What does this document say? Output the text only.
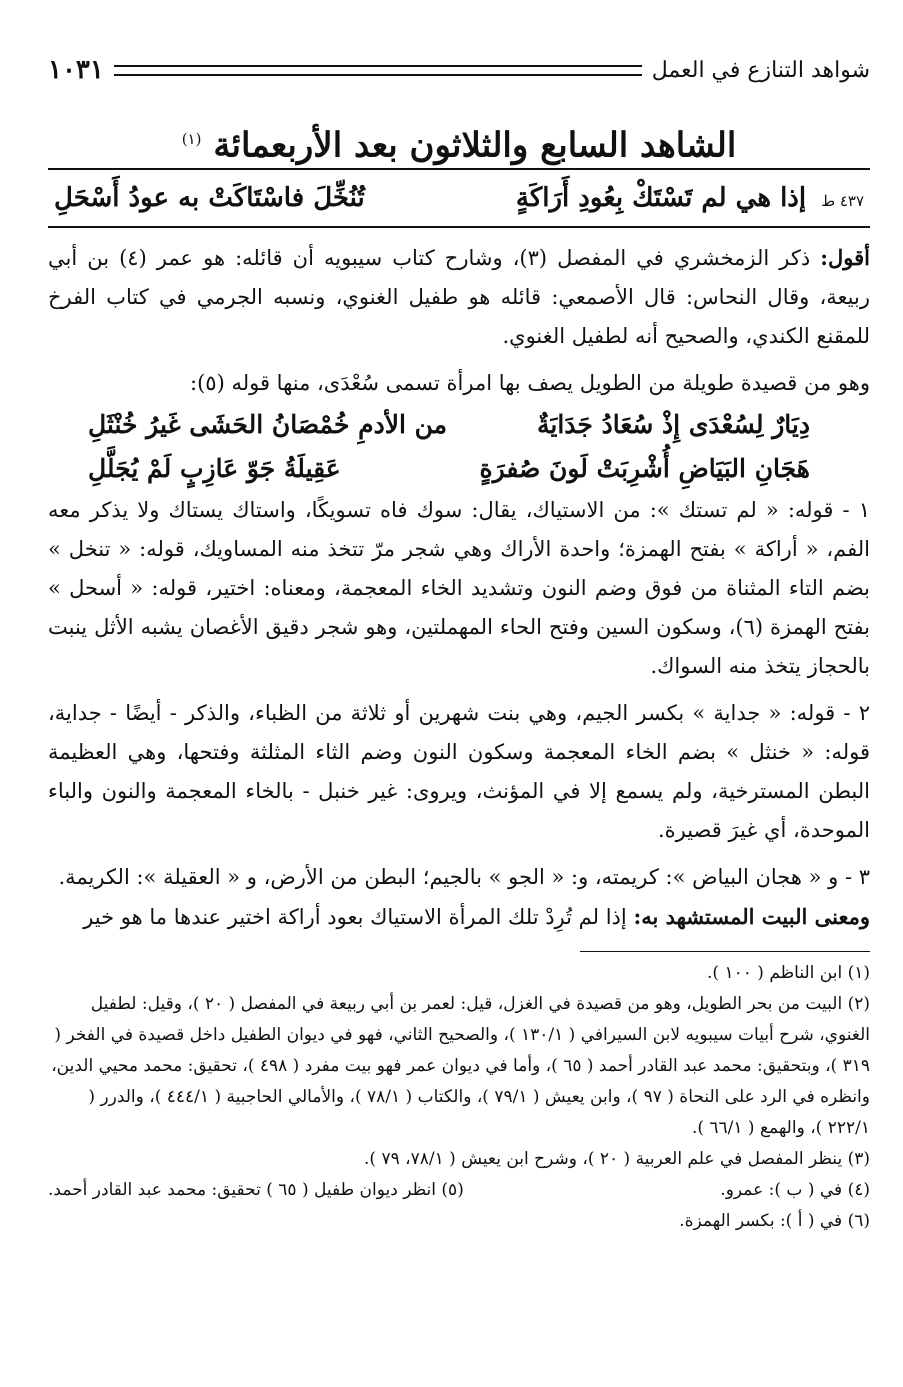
شواهد التنازع في العمل
١٠٣١
الشاهد السابع والثلاثون بعد الأربعمائة $^{(١)}$
٤٣٧ ط إذا هي لم تَسْتَكْ بِعُودِ أَرَاكَةٍ
تُنُخِّلَ فاسْتَاكَتْ به عودُ أَسْحَلِ

أقول: ذكر الزمخشري في المفصل (٣)، وشارح كتاب سيبويه أن قائله: هو عمر (٤) بن أبي ربيعة، وقال النحاس: قال الأصمعي: قائله هو طفيل الغنوي، ونسبه الجرمي في كتاب الفرخ للمقنع الكندي، والصحيح أنه لطفيل الغنوي.

وهو من قصيدة طويلة من الطويل يصف بها امرأة تسمى سُعْدَى، منها قوله (٥):

دِيَارٌ لِسُعْدَى إِذْ سُعَادُ جَدَايَةٌ
من الأدمِ خُمْصَانُ الحَشَى غَيرُ خُنْثَلِ
هَجَانِ البَيَاضِ أُشْرِبَتْ لَونَ صُفرَةٍ
عَقِيلَةُ جَوّ عَازِبٍ لَمْ يُجَلَّلِ

١ - قوله: « لم تستك »: من الاستياك، يقال: سوك فاه تسويكًا، واستاك يستاك ولا يذكر معه الفم، « أراكة » بفتح الهمزة؛ واحدة الأراك وهي شجر مرّ تتخذ منه المساويك، قوله: « تنخل » بضم التاء المثناة من فوق وضم النون وتشديد الخاء المعجمة، ومعناه: اختير، قوله: « أسحل » بفتح الهمزة (٦)، وسكون السين وفتح الحاء المهملتين، وهو شجر دقيق الأغصان يشبه الأثل ينبت بالحجاز يتخذ منه السواك.

٢ - قوله: « جداية » بكسر الجيم، وهي بنت شهرين أو ثلاثة من الظباء، والذكر - أيضًا - جداية، قوله: « خنثل » بضم الخاء المعجمة وسكون النون وضم الثاء المثلثة وفتحها، وهي العظيمة البطن المسترخية، ولم يسمع إلا في المؤنث، ويروى: غير خنبل - بالخاء المعجمة والنون والباء الموحدة، أي غيرَ قصيرة.

٣ - و « هجان البياض »: كريمته، و: « الجو » بالجيم؛ البطن من الأرض، و « العقيلة »: الكريمة.

ومعنى البيت المستشهد به: إذا لم تُرِدْ تلك المرأة الاستياك بعود أراكة اختير عندها ما هو خير

(١) ابن الناظم ( ١٠٠ ).

(٢) البيت من بحر الطويل، وهو من قصيدة في الغزل، قيل: لعمر بن أبي ربيعة في المفصل ( ٢٠ )، وقيل: لطفيل الغنوي، شرح أبيات سيبويه لابن السيرافي ( ١٣٠/١ )، والصحيح الثاني، فهو في ديوان الطفيل داخل قصيدة في الفخر ( ٣١٩ )، وبتحقيق: محمد عبد القادر أحمد ( ٦٥ )، وأما في ديوان عمر فهو بيت مفرد ( ٤٩٨ )، تحقيق: محمد محيي الدين، وانظره في الرد على النحاة ( ٩٧ )، وابن يعيش ( ٧٩/١ )، والكتاب ( ٧٨/١ )، والأمالي الحاجبية ( ٤٤٤/١ )، والدرر ( ٢٢٢/١ )، والهمع ( ٦٦/١ ).

(٣) ينظر المفصل في علم العربية ( ٢٠ )، وشرح ابن يعيش ( ٧٨/١، ٧٩ ).

(٤) في ( ب ): عمرو.
(٥) انظر ديوان طفيل ( ٦٥ ) تحقيق: محمد عبد القادر أحمد.

(٦) في ( أ ): بكسر الهمزة.
